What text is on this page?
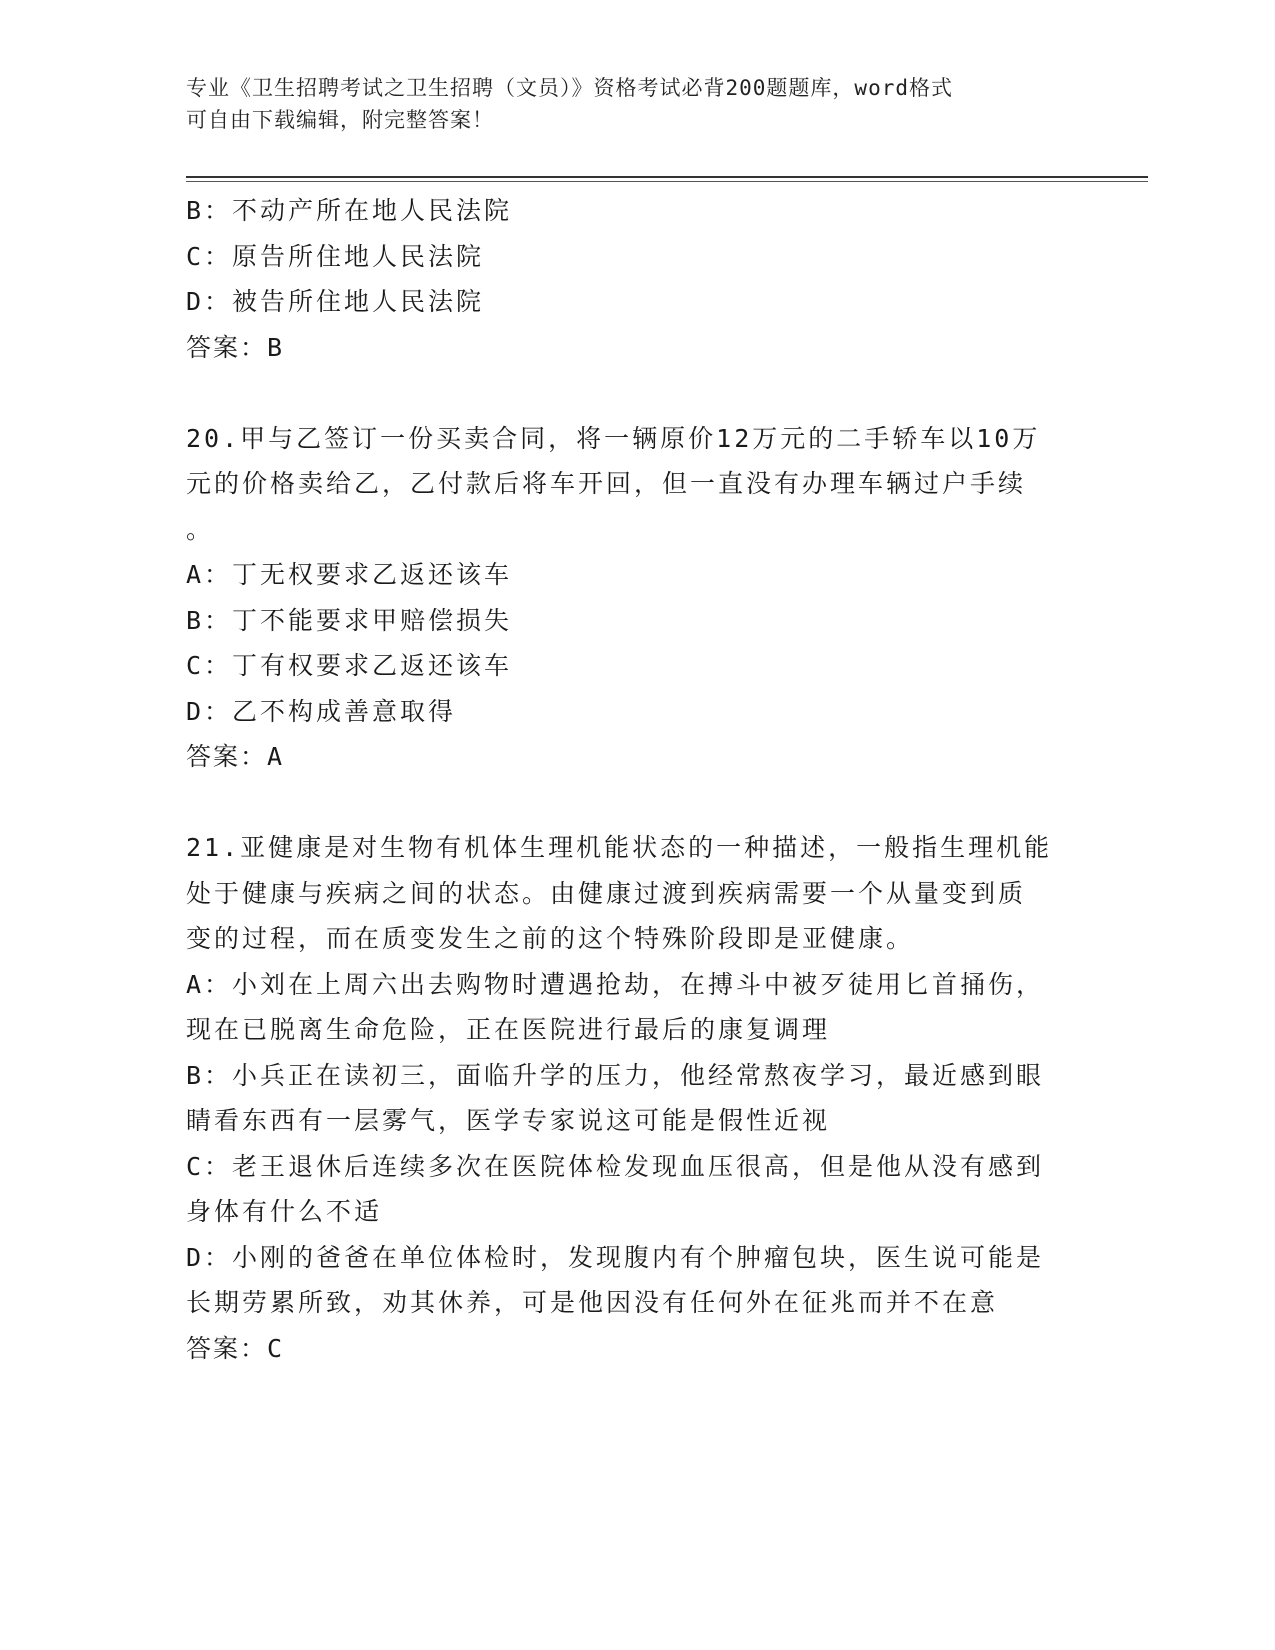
专业《卫生招聘考试之卫生招聘（文员）》资格考试必背200题题库，word格式
可自由下载编辑，附完整答案！
B：不动产所在地人民法院
C：原告所住地人民法院
D：被告所住地人民法院
答案：B
20.甲与乙签订一份买卖合同，将一辆原价12万元的二手轿车以10万
元的价格卖给乙，乙付款后将车开回，但一直没有办理车辆过户手续
。
A：丁无权要求乙返还该车
B：丁不能要求甲赔偿损失
C：丁有权要求乙返还该车
D：乙不构成善意取得
答案：A
21.亚健康是对生物有机体生理机能状态的一种描述，一般指生理机能
处于健康与疾病之间的状态。由健康过渡到疾病需要一个从量变到质
变的过程，而在质变发生之前的这个特殊阶段即是亚健康。
A：小刘在上周六出去购物时遭遇抢劫，在搏斗中被歹徒用匕首捅伤，
现在已脱离生命危险，正在医院进行最后的康复调理
B：小兵正在读初三，面临升学的压力，他经常熬夜学习，最近感到眼
睛看东西有一层雾气，医学专家说这可能是假性近视
C：老王退休后连续多次在医院体检发现血压很高，但是他从没有感到
身体有什么不适
D：小刚的爸爸在单位体检时，发现腹内有个肿瘤包块，医生说可能是
长期劳累所致，劝其休养，可是他因没有任何外在征兆而并不在意
答案：C
